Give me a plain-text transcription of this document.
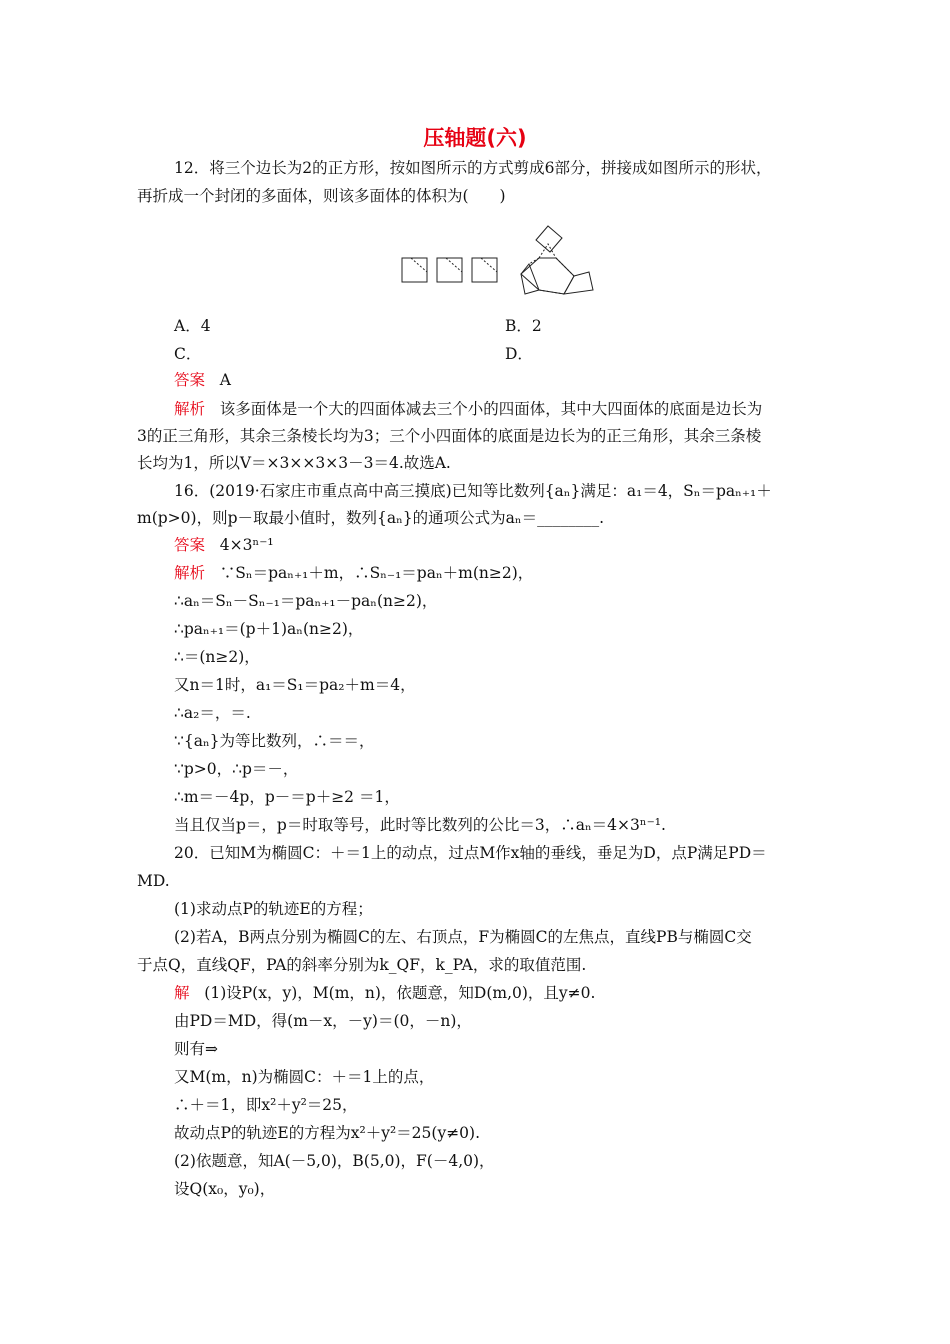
压轴题(六)
12．将三个边长为2的正方形，按如图所示的方式剪成6部分，拼接成如图所示的形状，
再折成一个封闭的多面体，则该多面体的体积为(　　)
A．4	B．2
C．	D．
答案 A
解析 该多面体是一个大的四面体减去三个小的四面体，其中大四面体的底面是边长为
3的正三角形，其余三条棱长均为3；三个小四面体的底面是边长为的正三角形，其余三条棱
长均为1，所以V＝×3××3×3－3＝4.故选A.
16．(2019·石家庄市重点高中高三摸底)已知等比数列{aₙ}满足：a₁＝4，Sₙ＝paₙ₊₁＋
m(p>0)，则p－取最小值时，数列{aₙ}的通项公式为aₙ＝________.
答案 4×3ⁿ⁻¹
解析 ∵Sₙ＝paₙ₊₁＋m，∴Sₙ₋₁＝paₙ＋m(n≥2)，
∴aₙ＝Sₙ－Sₙ₋₁＝paₙ₊₁－paₙ(n≥2)，
∴paₙ₊₁＝(p＋1)aₙ(n≥2)，
∴＝(n≥2)，
又n＝1时，a₁＝S₁＝pa₂＋m＝4，
∴a₂＝，＝.
∵{aₙ}为等比数列，∴＝＝，
∵p>0，∴p＝－，
∴m＝－4p，p－＝p＋≥2 ＝1，
当且仅当p＝，p＝时取等号，此时等比数列的公比＝3，∴aₙ＝4×3ⁿ⁻¹.
20．已知M为椭圆C：＋＝1上的动点，过点M作x轴的垂线，垂足为D，点P满足PD＝
MD.
(1)求动点P的轨迹E的方程；
(2)若A，B两点分别为椭圆C的左、右顶点，F为椭圆C的左焦点，直线PB与椭圆C交
于点Q，直线QF，PA的斜率分别为k_QF，k_PA，求的取值范围.
解 (1)设P(x，y)，M(m，n)，依题意，知D(m,0)，且y≠0.
由PD＝MD，得(m－x，－y)＝(0，－n)，
则有⇒
又M(m，n)为椭圆C：＋＝1上的点，
∴＋＝1，即x²＋y²＝25，
故动点P的轨迹E的方程为x²＋y²＝25(y≠0).
(2)依题意，知A(－5,0)，B(5,0)，F(－4,0)，
设Q(x₀，y₀)，
